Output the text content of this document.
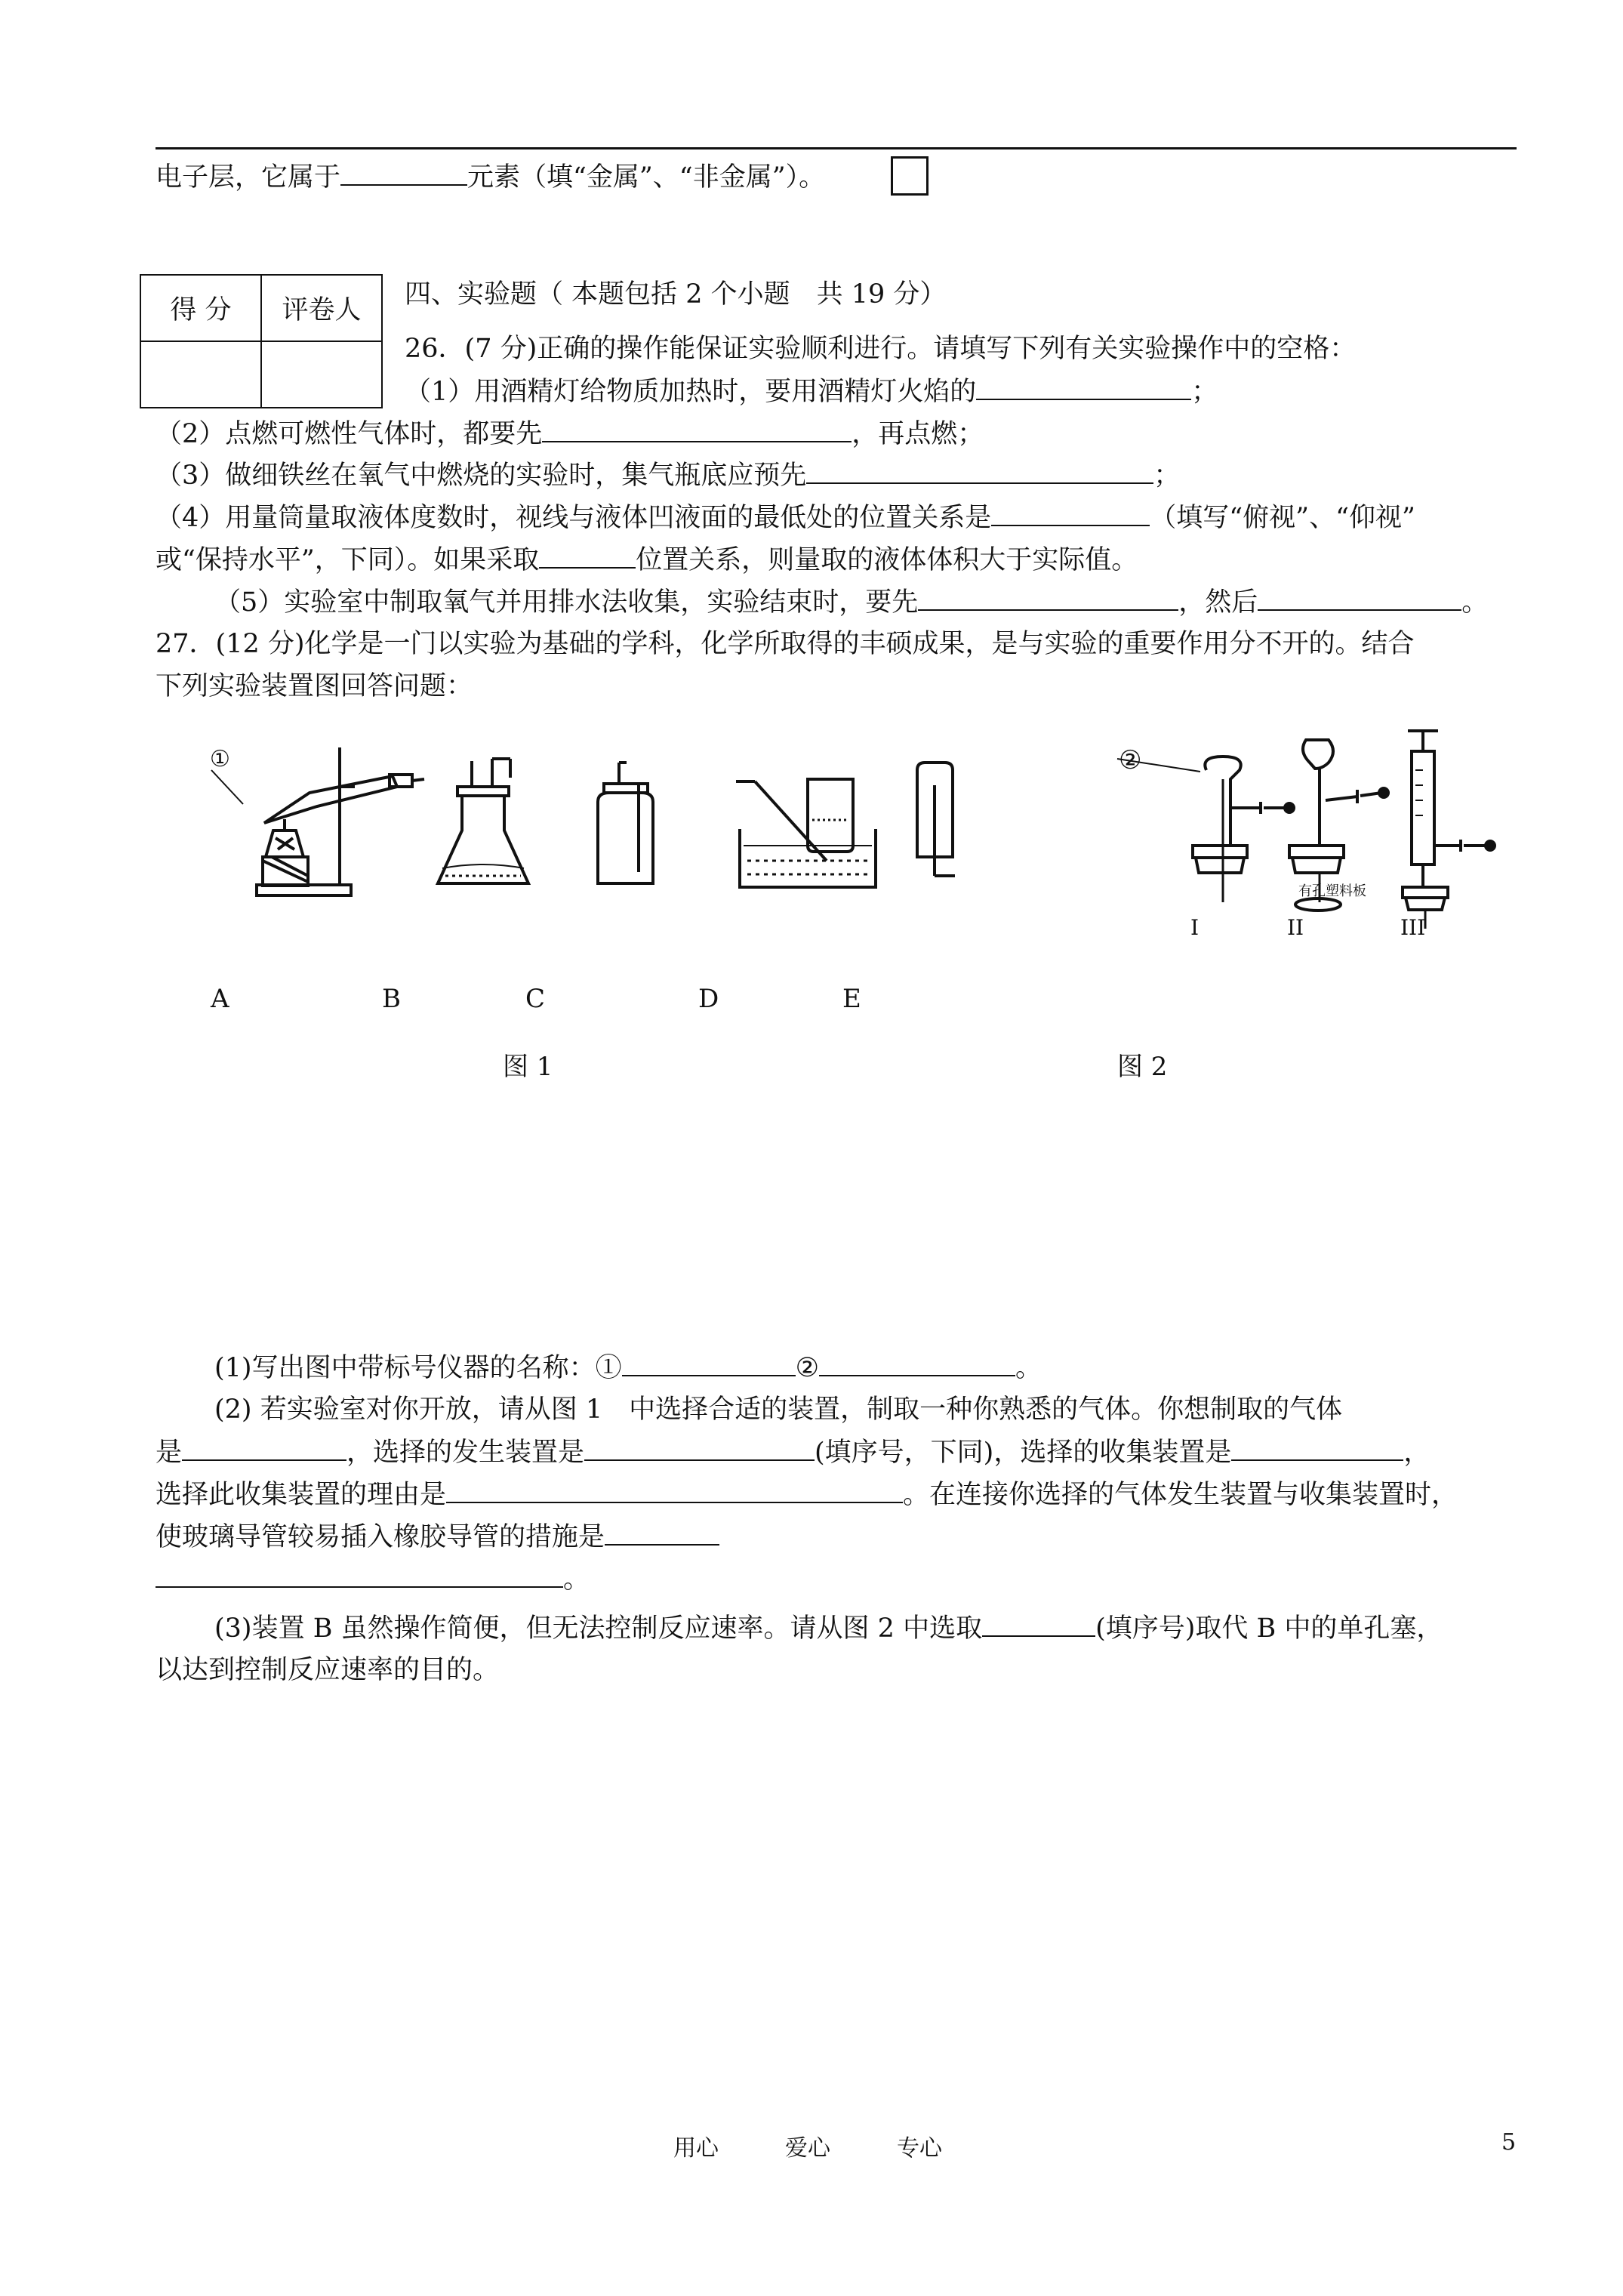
电子层，它属于	元素（填“金属”、“非金属”）。
得 分	评卷人

四、实验题（ 本题包括 2 个小题　共 19 分）
26．(7 分)正确的操作能保证实验顺利进行。请填写下列有关实验操作中的空格：
（1）用酒精灯给物质加热时，要用酒精灯火焰的	；
（2）点燃可燃性气体时，都要先	，再点燃；
（3）做细铁丝在氧气中燃烧的实验时，集气瓶底应预先	；
（4）用量筒量取液体度数时，视线与液体凹液面的最低处的位置关系是	（填写“俯视”、“仰视”
或“保持水平”，下同）。如果采取	位置关系，则量取的液体体积大于实际值。
（5）实验室中制取氧气并用排水法收集，实验结束时，要先	，然后	。
27．(12 分)化学是一门以实验为基础的学科，化学所取得的丰硕成果，是与实验的重要作用分不开的。结合
下列实验装置图回答问题：
①
A	B	C	D	E
图 1
②
有孔塑料板
I	II	III
图 2
(1)写出图中带标号仪器的名称：①	②	。
(2) 若实验室对你开放，请从图 1　中选择合适的装置，制取一种你熟悉的气体。你想制取的气体
是	，选择的发生装置是	(填序号，下同)，选择的收集装置是	，
选择此收集装置的理由是	。在连接你选择的气体发生装置与收集装置时，
使玻璃导管较易插入橡胶导管的措施是
。
(3)装置 B 虽然操作简便，但无法控制反应速率。请从图 2 中选取	(填序号)取代 B 中的单孔塞，
以达到控制反应速率的目的。
用心	爱心	专心	5
